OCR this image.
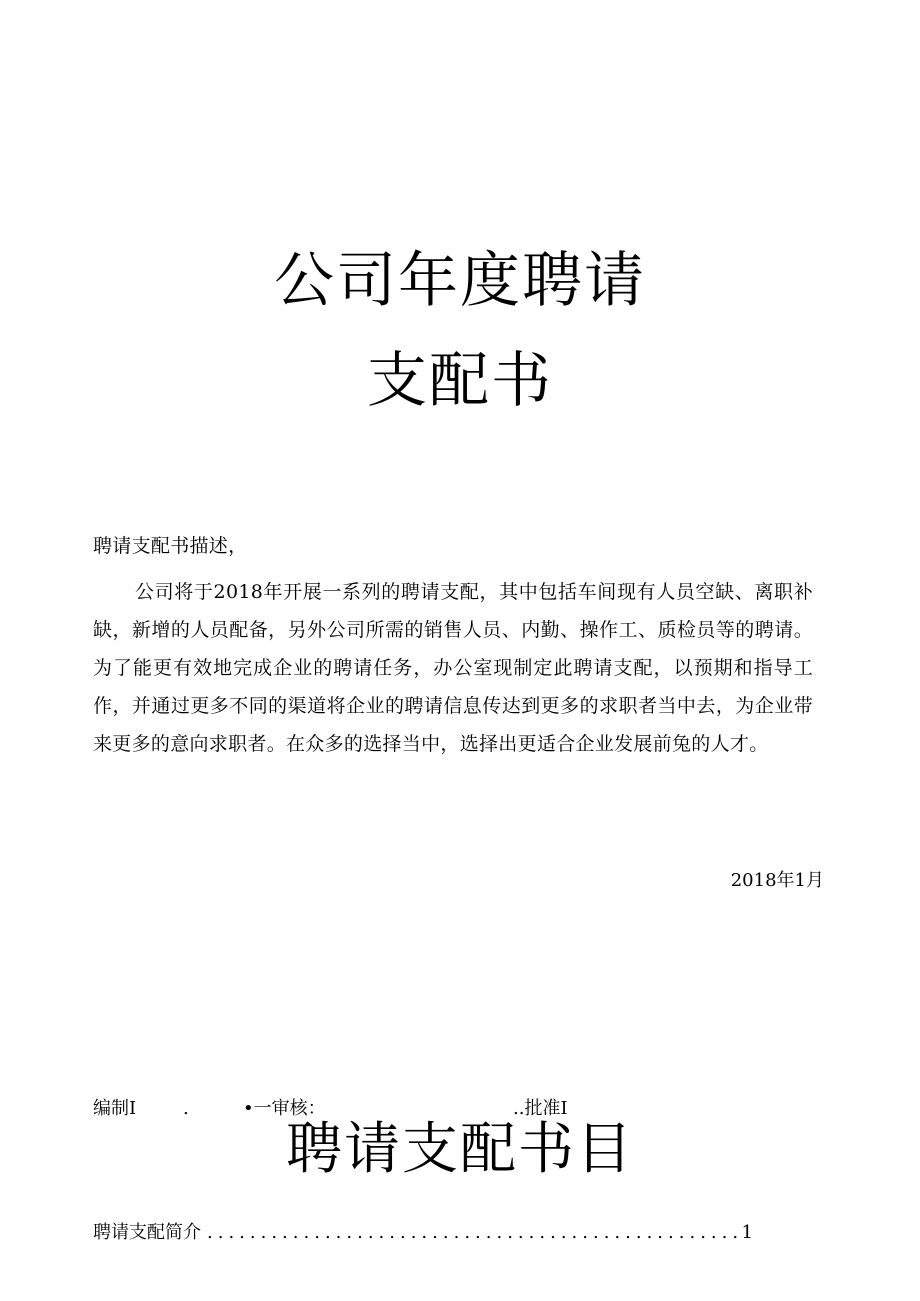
公司年度聘请
支配书
聘请支配书描述，
公司将于2018年开展一系列的聘请支配，其中包括车间现有人员空缺、离职补缺，新增的人员配备，另外公司所需的销售人员、内勤、操作工、质检员等的聘请。为了能更有效地完成企业的聘请任务，办公室现制定此聘请支配，以预期和指导工作，并通过更多不同的渠道将企业的聘请信息传达到更多的求职者当中去，为企业带来更多的意向求职者。在众多的选择当中，选择出更适合企业发展前兔的人才。
2018年1月
编制I	.	•一审核：	..批准I
聘请支配书目
聘请支配简介
.....	1
